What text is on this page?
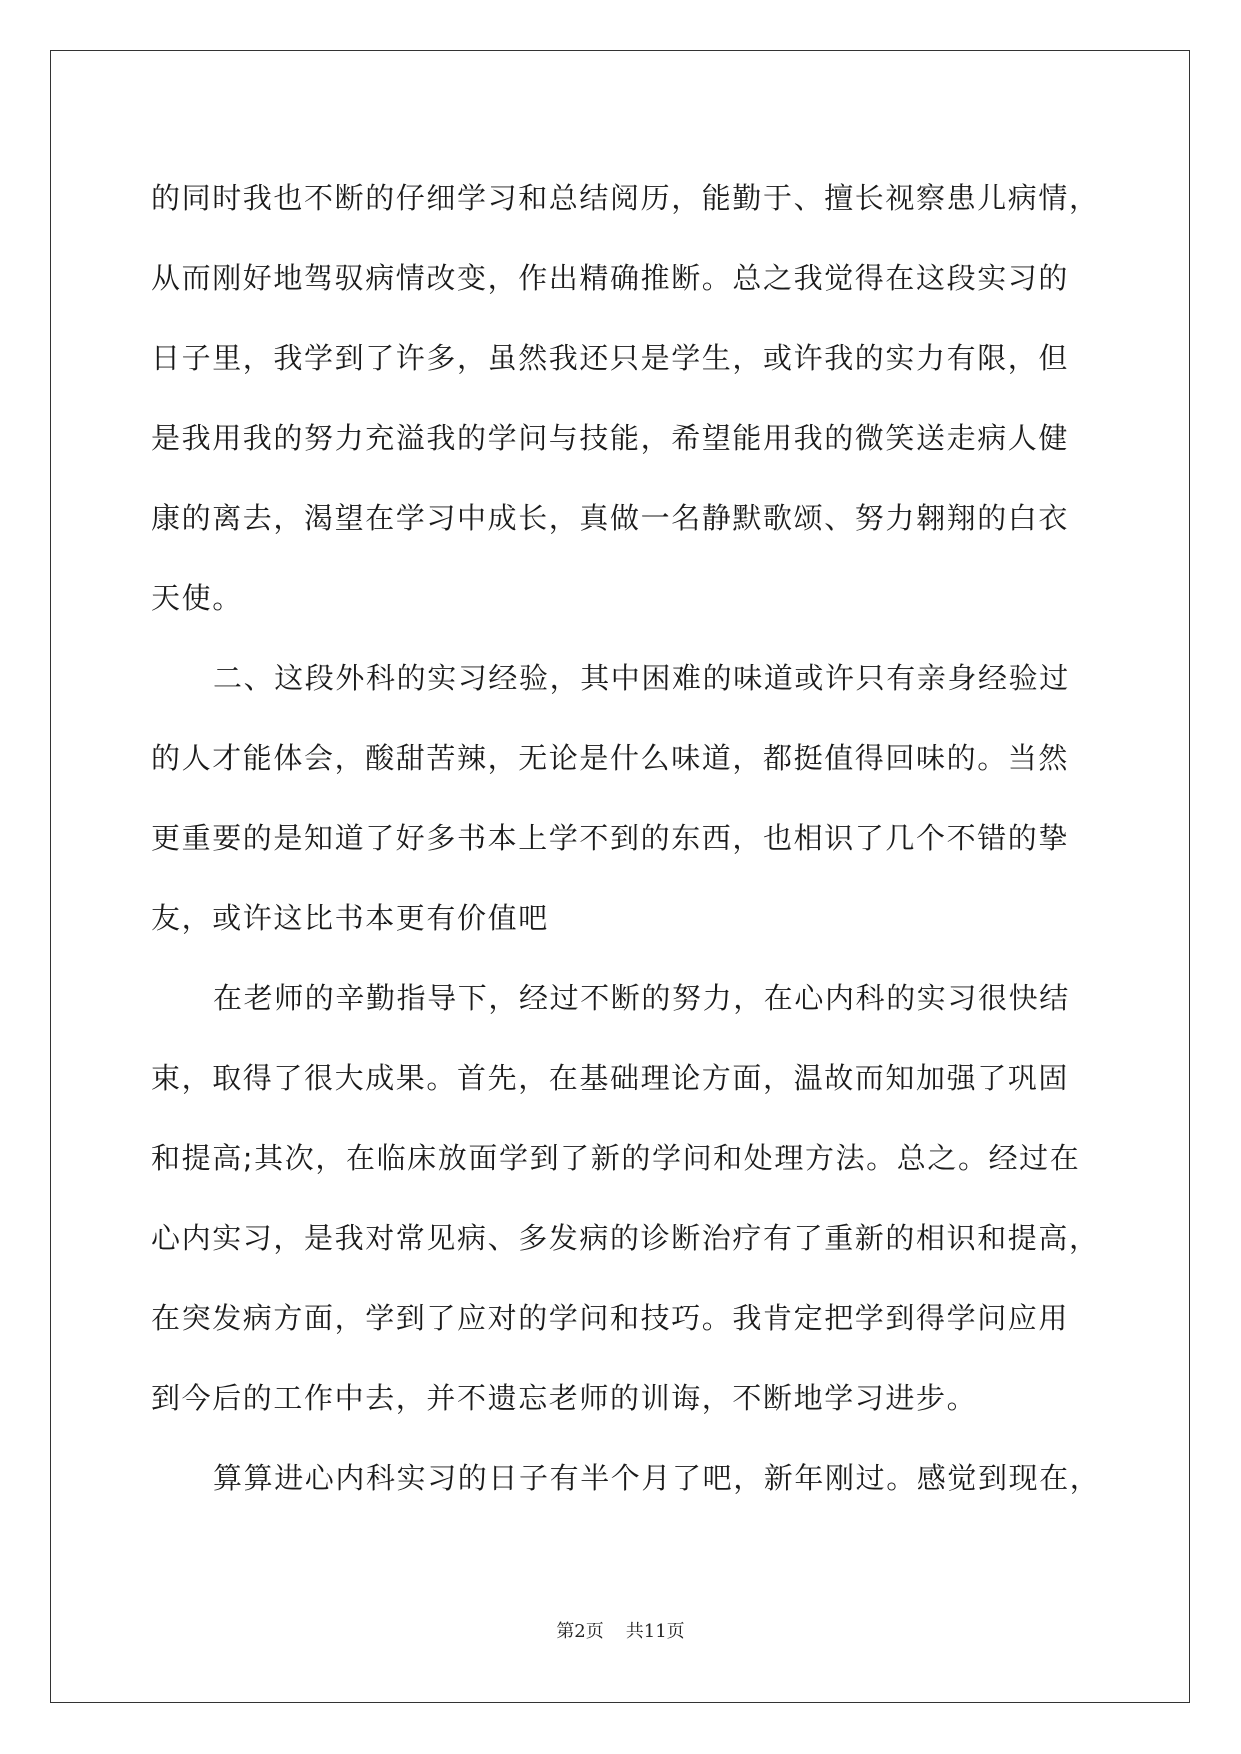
的同时我也不断的仔细学习和总结阅历，能勤于、擅长视察患儿病情，
从而刚好地驾驭病情改变，作出精确推断。总之我觉得在这段实习的
日子里，我学到了许多，虽然我还只是学生，或许我的实力有限，但
是我用我的努力充溢我的学问与技能，希望能用我的微笑送走病人健
康的离去，渴望在学习中成长，真做一名静默歌颂、努力翱翔的白衣
天使。
二、这段外科的实习经验，其中困难的味道或许只有亲身经验过
的人才能体会，酸甜苦辣，无论是什么味道，都挺值得回味的。当然
更重要的是知道了好多书本上学不到的东西，也相识了几个不错的挚
友，或许这比书本更有价值吧
在老师的辛勤指导下，经过不断的努力，在心内科的实习很快结
束，取得了很大成果。首先，在基础理论方面，温故而知加强了巩固
和提高;其次，在临床放面学到了新的学问和处理方法。总之。经过在
心内实习，是我对常见病、多发病的诊断治疗有了重新的相识和提高，
在突发病方面，学到了应对的学问和技巧。我肯定把学到得学问应用
到今后的工作中去，并不遗忘老师的训诲，不断地学习进步。
算算进心内科实习的日子有半个月了吧，新年刚过。感觉到现在，
第2页 共11页
